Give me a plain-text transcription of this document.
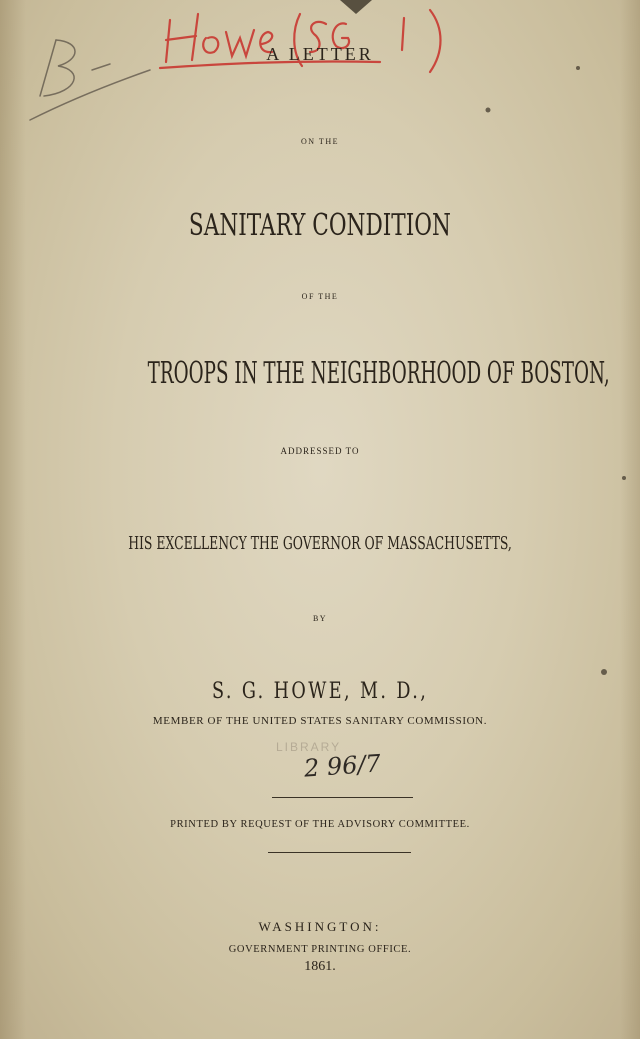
A LETTER
ON THE
SANITARY CONDITION
OF THE
TROOPS IN THE NEIGHBORHOOD OF BOSTON,
ADDRESSED TO
HIS EXCELLENCY THE GOVERNOR OF MASSACHUSETTS,
BY
S. G. HOWE, M. D.,
MEMBER OF THE UNITED STATES SANITARY COMMISSION.
LIBRARY
2 96/7
PRINTED BY REQUEST OF THE ADVISORY COMMITTEE.
WASHINGTON:
GOVERNMENT PRINTING OFFICE.
1861.
